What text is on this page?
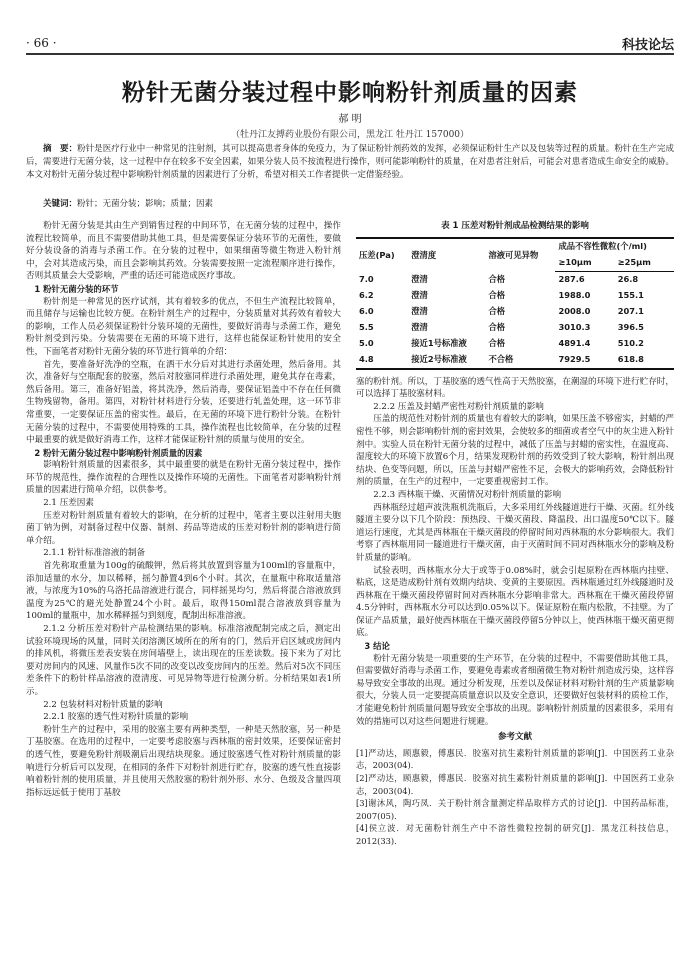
· 66 ·	科技论坛
粉针无菌分装过程中影响粉针剂质量的因素
郝 明
（牡丹江友搏药业股份有限公司，黑龙江 牡丹江 157000）
摘　要：粉针是医疗行业中一种常见的注射剂，其可以提高患者身体的免疫力，为了保证粉针剂药效的发挥，必须保证粉针生产以及包装等过程的质量。粉针在生产完成后，需要进行无菌分装，这一过程中存在较多不安全因素，如果分装人员不按流程进行操作，则可能影响粉针的质量，在对患者注射后，可能会对患者造成生命安全的威胁。本文对粉针无菌分装过程中影响粉针剂质量的因素进行了分析，希望对相关工作者提供一定借鉴经验。
关键词：粉针；无菌分装；影响；质量；因素

粉针无菌分装是其由生产到销售过程的中间环节，在无菌分装的过程中，操作流程比较简单，而且不需要借助其他工具，但是需要保证分装环节的无菌性，要做好分装设备的消毒与杀菌工作。在分装的过程中，如果细菌等微生物进入粉针剂中，会对其造成污染，而且会影响其药效。分装需要按照一定流程顺序进行操作，否则其质量会大受影响，严重的话还可能造成医疗事故。

1 粉针无菌分装的环节

粉针剂是一种常见的医疗试剂，其有着较多的优点，不但生产流程比较简单，而且储存与运输也比较方便。在粉针剂生产的过程中，分装质量对其药效有着较大的影响，工作人员必须保证粉针分装环境的无菌性，要做好消毒与杀菌工作，避免粉针剂受到污染。分装需要在无菌的环境下进行，这样也能保证粉针使用的安全性，下面笔者对粉针无菌分装的环节进行简单的介绍：

首先，要准备好洗净的空瓶，在洒干水分后对其进行杀菌处理，然后备用。其次，准备好与空瓶配套的胶塞，然后对胶塞同样进行杀菌处理，避免其存在毒素，然后备用。第三，准备好铝盖，将其洗净，然后消毒，要保证铝盖中不存在任何微生物残留物，备用。第四，对粉针材料进行分装，还要进行轧盖处理，这一环节非常重要，一定要保证压盖的密实性。最后，在无菌的环境下进行粉针分装。在粉针无菌分装的过程中，不需要使用特殊的工具，操作流程也比较简单，在分装的过程中最重要的就是做好消毒工作，这样才能保证粉针剂的质量与使用的安全。

2 粉针无菌分装过程中影响粉针剂质量的因素

影响粉针剂质量的因素很多，其中最重要的就是在粉针无菌分装过程中，操作环节的规范性，操作流程的合理性以及操作环境的无菌性。下面笔者对影响粉针剂质量的因素进行简单介绍，以供参考。

2.1 压差因素

压差对粉针剂质量有着较大的影响，在分析的过程中，笔者主要以注射用夫胞菌丁钠为例，对制备过程中仪器、制剂、药品等造成的压差对粉针剂的影响进行简单介绍。

2.1.1 粉针标准溶液的制备

首先称取重量为100g的硫酸钾，然后将其放置到容量为100ml的容量瓶中，添加适量的水分，加以稀释，摇匀静置4到6个小时。其次，在量瓶中称取适量溶液，与浓度为10%的乌洛托品溶液进行混合，同样摇晃均匀，然后将混合溶液放到温度为25℃的避光处静置24个小时。最后，取得150ml混合溶液放到容量为100ml的量瓶中，加水稀释摇匀到刻度，配制出标准溶液。

2.1.2 分析压差对粉针产品检测结果的影响。标准溶液配制完成之后，测定出试验环境现场的风量，同时关闭溶测区域所在的所有的门，然后开启区域或房间内的排风机，将微压差表安装在房间墙壁上，读出现在的压差读数。接下来为了对比要对房间内的风速、风量作5次不同的改变以改变房间内的压差。然后对5次不同压差条件下的粉针样品溶液的澄清度、可见异物等进行检测分析。分析结果如表1所示。

2.2 包装材料对粉针质量的影响

2.2.1 胶塞的透气性对粉针质量的影响

粉针生产的过程中，采用的胶塞主要有两种类型，一种是天然胶塞，另一种是丁基胶塞。在选用的过程中，一定要考虑胶塞与西林瓶的密封效果，还要保证密封的透气性，要避免粉针剂吸潮后出现结块现象。通过胶塞透气性对粉针剂质量的影响进行分析后可以发现，在相同的条件下对粉针剂进行贮存，胶塞的透气性直接影响着粉针剂的使用质量，并且使用天然胶塞的粉针剂外形、水分、色级及含量四项指标远远低于使用丁基胶

表 1 压差对粉针剂成品检测结果的影响
压差(Pa)	澄清度	溶液可见异物	成品不容性微粒(个/ml)	
			≥10μm	≥25μm
7.0	澄清	合格	287.6	26.8
6.2	澄清	合格	1988.0	155.1
6.0	澄清	合格	2008.0	207.1
5.5	澄清	合格	3010.3	396.5
5.0	接近1号标准液	合格	4891.4	510.2
4.8	接近2号标准液	不合格	7929.5	618.8

塞的粉针剂。所以，丁基胶塞的透气性高于天然胶塞，在潮湿的环境下进行贮存时，可以选择丁基胶塞材料。

2.2.2 压盖及封蜡严密性对粉针剂质量的影响

压盖的规范性对粉针剂的质量也有着较大的影响，如果压盖不够密实，封蜡的严密性不够，则会影响粉针剂的密封效果，会使较多的细菌或者空气中的灰尘进入粉针剂中。实验人员在粉针无菌分装的过程中，减低了压盖与封蜡的密实性，在温度高、湿度较大的环境下放置6个月，结果发现粉针剂的药效受到了较大影响，粉针剂出现结块、色变等问题，所以，压盖与封蜡严密性不足，会极大的影响药效，会降低粉针剂的质量，在生产的过程中，一定要重视密封工作。

2.2.3 西林瓶干燥、灭菌情况对粉针剂质量的影响

西林瓶经过超声波洗瓶机洗瓶后，大多采用红外线隧道进行干燥、灭菌。红外线隧道主要分以下几个阶段：预热段、干燥灭菌段、降温段、出口温度50℃以下。隧道运行速度，尤其是西林瓶在干燥灭菌段的停留时间对西林瓶的水分影响很大。我们考察了西林瓶用同一隧道进行干燥灭菌，由于灭菌时间不同对西林瓶水分的影响及粉针质量的影响。

试验表明，西林瓶水分大于或等于0.08%时，就会引起原粉在西林瓶内挂壁、粘底，这是造成粉针剂有效期内结块、变黄的主要原因。西林瓶通过红外线隧道时及西林瓶在干燥灭菌段停留时间对西林瓶水分影响非常大。西林瓶在干燥灭菌段停留4.5分钟时，西林瓶水分可以达到0.05%以下。保证原粉在瓶内松散，不挂壁。为了保证产品质量，最好使西林瓶在干燥灭菌段停留5分钟以上，使西林瓶干燥灭菌更彻底。

3 结论

粉针无菌分装是一项重要的生产环节，在分装的过程中，不需要借助其他工具，但需要做好消毒与杀菌工作，要避免毒素或者细菌微生物对粉针剂造成污染，这样容易导致安全事故的出现。通过分析发现，压差以及保证材料对粉针剂的生产质量影响很大，分装人员一定要提高质量意识以及安全意识，还要做好包装材料的质检工作，才能避免粉针剂质量问题导致安全事故的出现。影响粉针剂质量的因素很多，采用有效的措施可以对这些问题进行规避。

参考文献

[1]严动达，顾惠毅，傅惠民．胶塞对抗生素粉针剂质量的影响[J]．中国医药工业杂志，2003(04)．

[2]严动达，顾惠毅，傅惠民．胶塞对抗生素粉针剂质量的影响[J]．中国医药工业杂志，2003(04)．

[3]谢沐风，陶巧凤．关于粉针剂含量测定样品取样方式的讨论[J]．中国药品标准，2007(05)．

[4]侯立波．对无菌粉针剂生产中不溶性微粒控制的研究[J]．黑龙江科技信息，2012(33)．
